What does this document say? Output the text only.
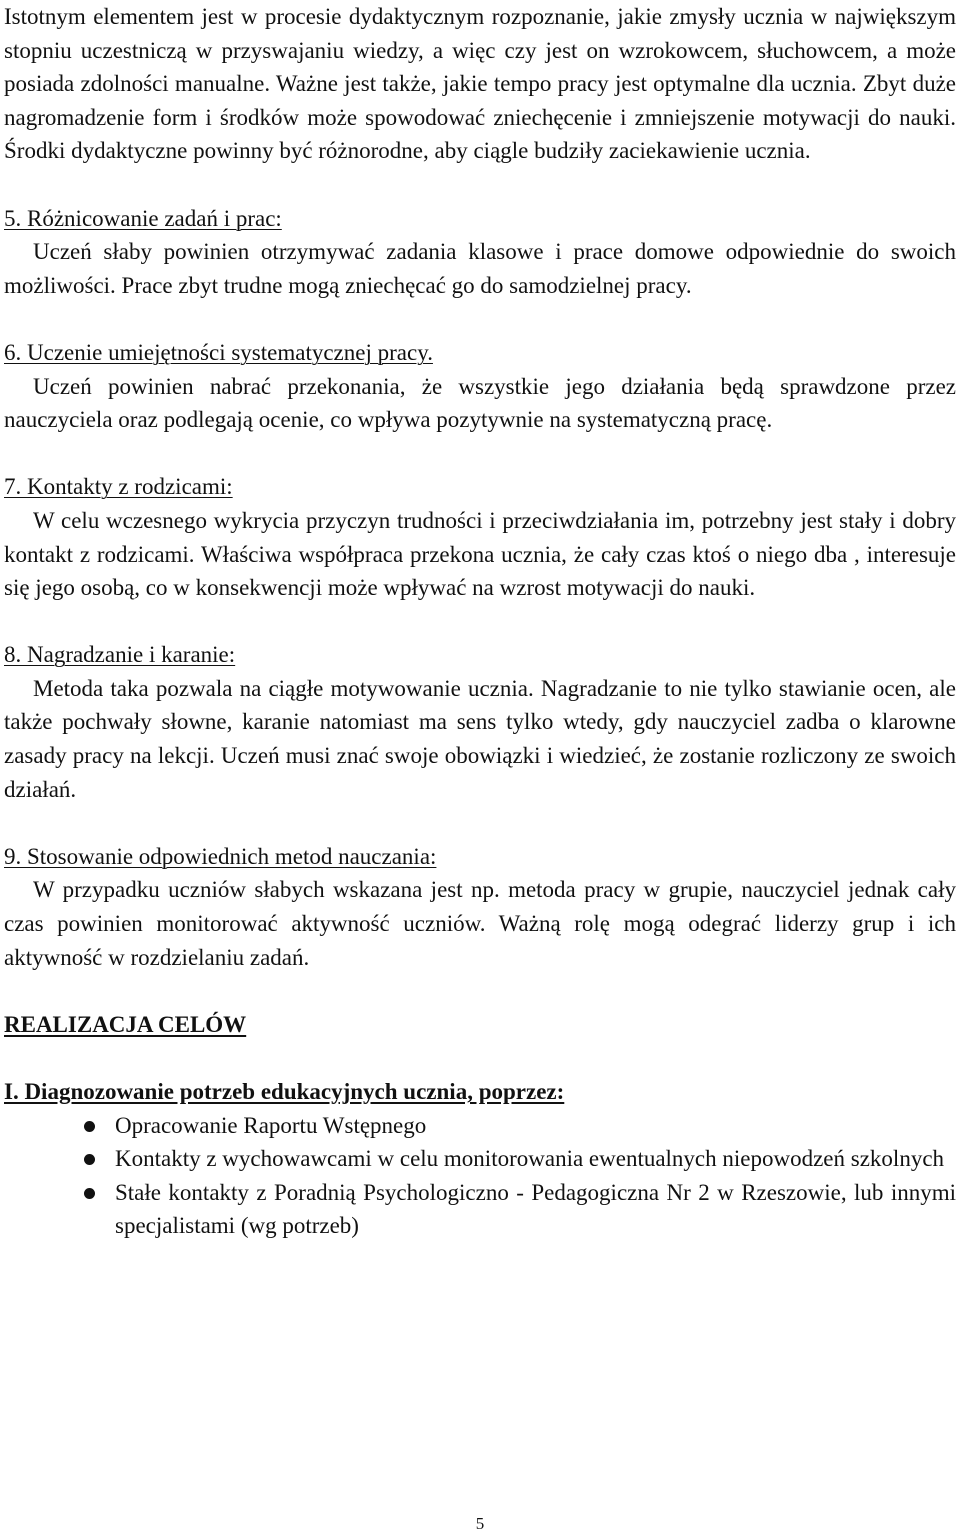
Istotnym elementem jest w procesie dydaktycznym rozpoznanie, jakie zmysły ucznia w największym stopniu uczestniczą w przyswajaniu wiedzy, a więc czy jest on wzrokowcem, słuchowcem, a może posiada zdolności manualne. Ważne jest także, jakie tempo pracy jest optymalne dla ucznia. Zbyt duże nagromadzenie form i środków może spowodować zniechęcenie i zmniejszenie motywacji do nauki. Środki dydaktyczne powinny być różnorodne, aby ciągle budziły zaciekawienie ucznia.

5. Różnicowanie zadań i prac:

Uczeń słaby powinien otrzymywać zadania klasowe i prace domowe odpowiednie do swoich możliwości. Prace zbyt trudne mogą zniechęcać go do samodzielnej pracy.

6. Uczenie umiejętności systematycznej pracy.

Uczeń powinien nabrać przekonania, że wszystkie jego działania będą sprawdzone przez nauczyciela oraz podlegają ocenie, co wpływa pozytywnie na systematyczną pracę.

7. Kontakty z rodzicami:

W celu wczesnego wykrycia przyczyn trudności i przeciwdziałania im, potrzebny jest stały i dobry kontakt z rodzicami. Właściwa współpraca przekona ucznia, że cały czas ktoś o niego dba , interesuje się jego osobą, co w konsekwencji może wpływać na wzrost motywacji do nauki.

8. Nagradzanie i karanie:

Metoda taka pozwala na ciągłe motywowanie ucznia. Nagradzanie to nie tylko stawianie ocen, ale także pochwały słowne, karanie natomiast ma sens tylko wtedy, gdy nauczyciel zadba o klarowne zasady pracy na lekcji. Uczeń musi znać swoje obowiązki i wiedzieć, że zostanie rozliczony ze swoich działań.

9. Stosowanie odpowiednich metod nauczania:

W przypadku uczniów słabych wskazana jest np. metoda pracy w grupie, nauczyciel jednak cały czas powinien monitorować aktywność uczniów. Ważną rolę mogą odegrać liderzy grup i ich aktywność w rozdzielaniu zadań.

REALIZACJA CELÓW

I. Diagnozowanie potrzeb edukacyjnych ucznia, poprzez:

Opracowanie Raportu Wstępnego
Kontakty z wychowawcami w celu monitorowania ewentualnych niepowodzeń szkolnych
Stałe kontakty z Poradnią Psychologiczno - Pedagogiczna Nr 2 w Rzeszowie, lub innymi specjalistami (wg potrzeb)
5
